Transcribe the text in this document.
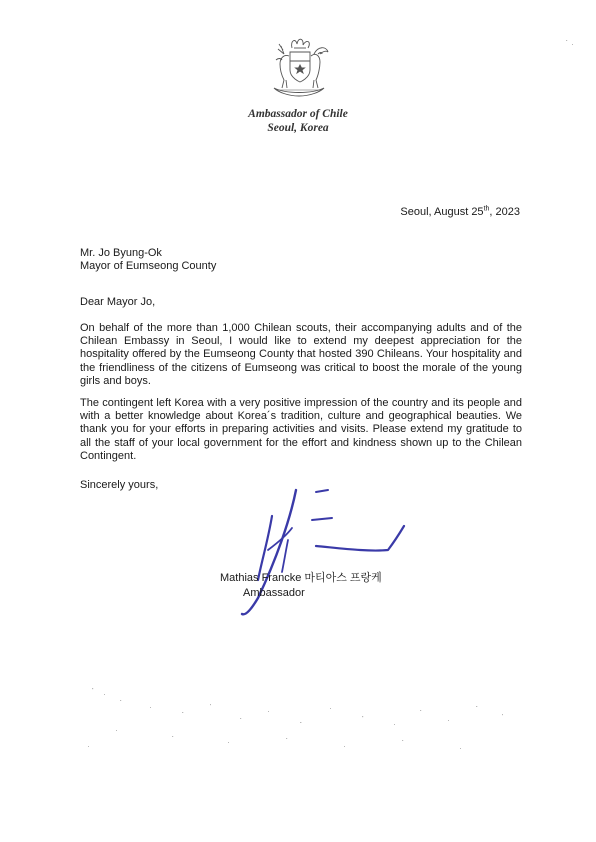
Ambassador of Chile
Seoul, Korea
Seoul, August 25th, 2023
Mr. Jo Byung-Ok
Mayor of Eumseong County
Dear Mayor Jo,

On behalf of the more than 1,000 Chilean scouts, their accompanying adults and of the Chilean Embassy in Seoul, I would like to extend my deepest appreciation for the hospitality offered by the Eumseong County that hosted 390 Chileans. Your hospitality and the friendliness of the citizens of Eumseong was critical to boost the morale of the young girls and boys.

The contingent left Korea with a very positive impression of the country and its people and with a better knowledge about Korea´s tradition, culture and geographical beauties. We thank you for your efforts in preparing activities and visits. Please extend my gratitude to all the staff of your local government for the effort and kindness shown up to the Chilean Contingent.

Sincerely yours,
Mathias Francke 마티아스 프랑케
Ambassador
